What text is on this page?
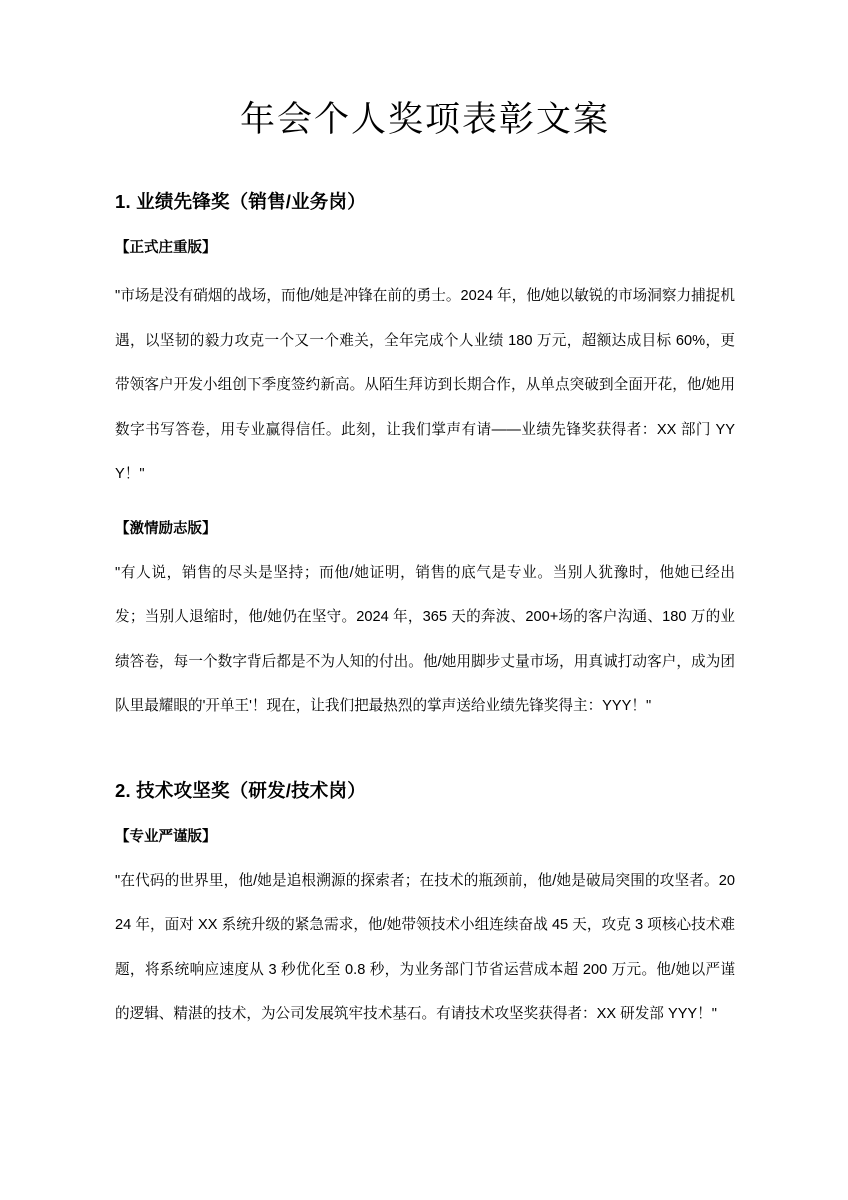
年会个人奖项表彰文案
1. 业绩先锋奖（销售/业务岗）
【正式庄重版】

"市场是没有硝烟的战场，而他/她是冲锋在前的勇士。2024 年，他/她以敏锐的市场洞察力捕捉机遇，以坚韧的毅力攻克一个又一个难关，全年完成个人业绩 180 万元，超额达成目标 60%，更带领客户开发小组创下季度签约新高。从陌生拜访到长期合作，从单点突破到全面开花，他/她用数字书写答卷，用专业赢得信任。此刻，让我们掌声有请——业绩先锋奖获得者：XX 部门 YYY！"

【激情励志版】

"有人说，销售的尽头是坚持；而他/她证明，销售的底气是专业。当别人犹豫时，他她已经出发；当别人退缩时，他/她仍在坚守。2024 年，365 天的奔波、200+场的客户沟通、180 万的业绩答卷，每一个数字背后都是不为人知的付出。他/她用脚步丈量市场，用真诚打动客户，成为团队里最耀眼的'开单王'！现在，让我们把最热烈的掌声送给业绩先锋奖得主：YYY！"

2. 技术攻坚奖（研发/技术岗）
【专业严谨版】

"在代码的世界里，他/她是追根溯源的探索者；在技术的瓶颈前，他/她是破局突围的攻坚者。2024 年，面对 XX 系统升级的紧急需求，他/她带领技术小组连续奋战 45 天，攻克 3 项核心技术难题，将系统响应速度从 3 秒优化至 0.8 秒，为业务部门节省运营成本超 200 万元。他/她以严谨的逻辑、精湛的技术，为公司发展筑牢技术基石。有请技术攻坚奖获得者：XX 研发部 YYY！"
